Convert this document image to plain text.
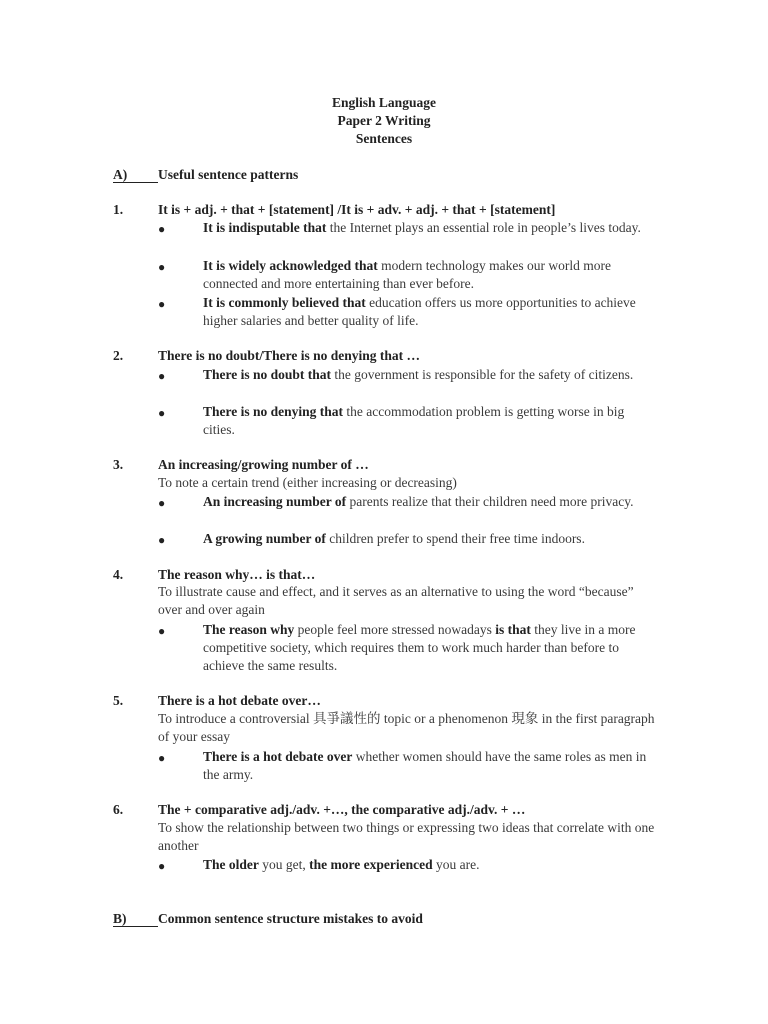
English Language
Paper 2 Writing
Sentences
A) Useful sentence patterns
1.	It is + adj. + that + [statement] /It is + adv. + adj. + that + [statement]
●	It is indisputable that the Internet plays an essential role in people’s lives today.
●	It is widely acknowledged that modern technology makes our world more connected and more entertaining than ever before.
●	It is commonly believed that education offers us more opportunities to achieve higher salaries and better quality of life.
2.	There is no doubt/There is no denying that …
●	There is no doubt that the government is responsible for the safety of citizens.
●	There is no denying that the accommodation problem is getting worse in big cities.
3.	An increasing/growing number of …
To note a certain trend (either increasing or decreasing)
●	An increasing number of parents realize that their children need more privacy.
●	A growing number of children prefer to spend their free time indoors.
4.	The reason why… is that…
To illustrate cause and effect, and it serves as an alternative to using the word “because” over and over again
●	The reason why people feel more stressed nowadays is that they live in a more competitive society, which requires them to work much harder than before to achieve the same results.
5.	There is a hot debate over…
To introduce a controversial 具爭議性的 topic or a phenomenon 現象 in the first paragraph of your essay
●	There is a hot debate over whether women should have the same roles as men in the army.
6.	The + comparative adj./adv. +…, the comparative adj./adv. + …
To show the relationship between two things or expressing two ideas that correlate with one another
●	The older you get, the more experienced you are.
B) Common sentence structure mistakes to avoid
